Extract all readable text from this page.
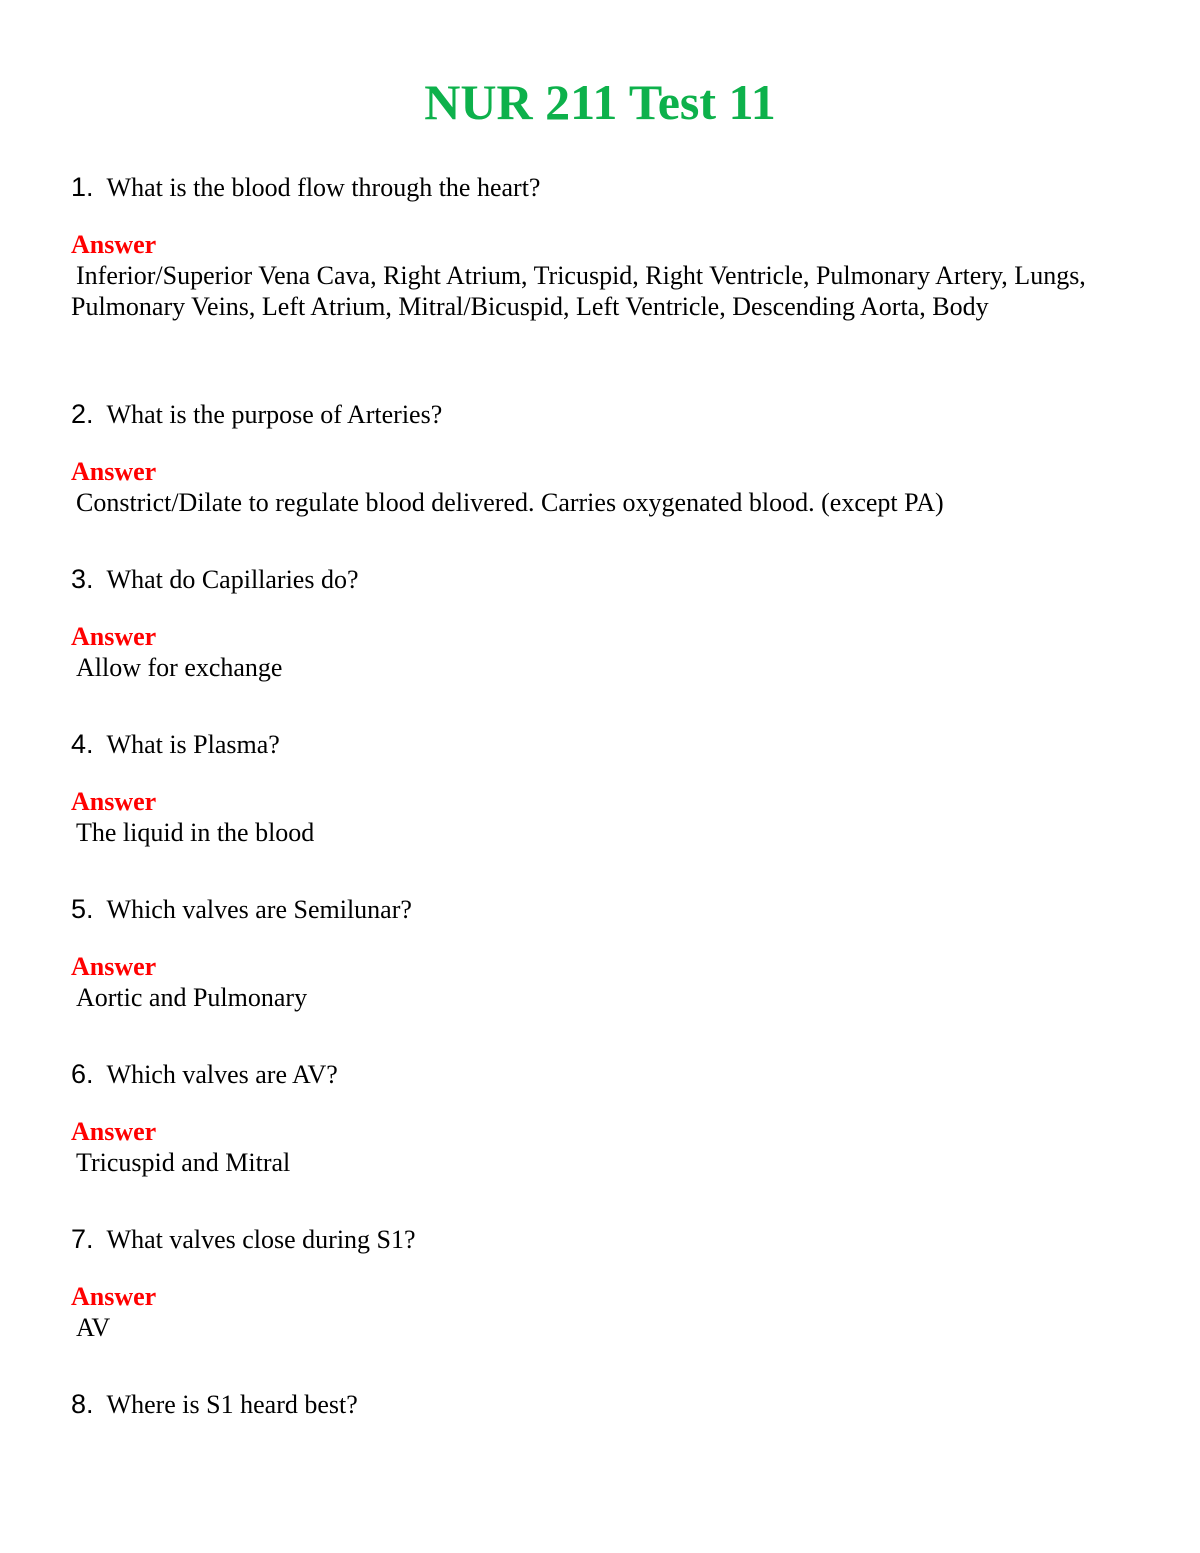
NUR 211 Test 11
1. What is the blood flow through the heart?
Answer
Inferior/Superior Vena Cava, Right Atrium, Tricuspid, Right Ventricle, Pulmonary Artery, Lungs, Pulmonary Veins, Left Atrium, Mitral/Bicuspid, Left Ventricle, Descending Aorta, Body
2. What is the purpose of Arteries?
Answer
Constrict/Dilate to regulate blood delivered. Carries oxygenated blood. (except PA)
3. What do Capillaries do?
Answer
Allow for exchange
4. What is Plasma?
Answer
The liquid in the blood
5. Which valves are Semilunar?
Answer
Aortic and Pulmonary
6. Which valves are AV?
Answer
Tricuspid and Mitral
7. What valves close during S1?
Answer
AV
8. Where is S1 heard best?
